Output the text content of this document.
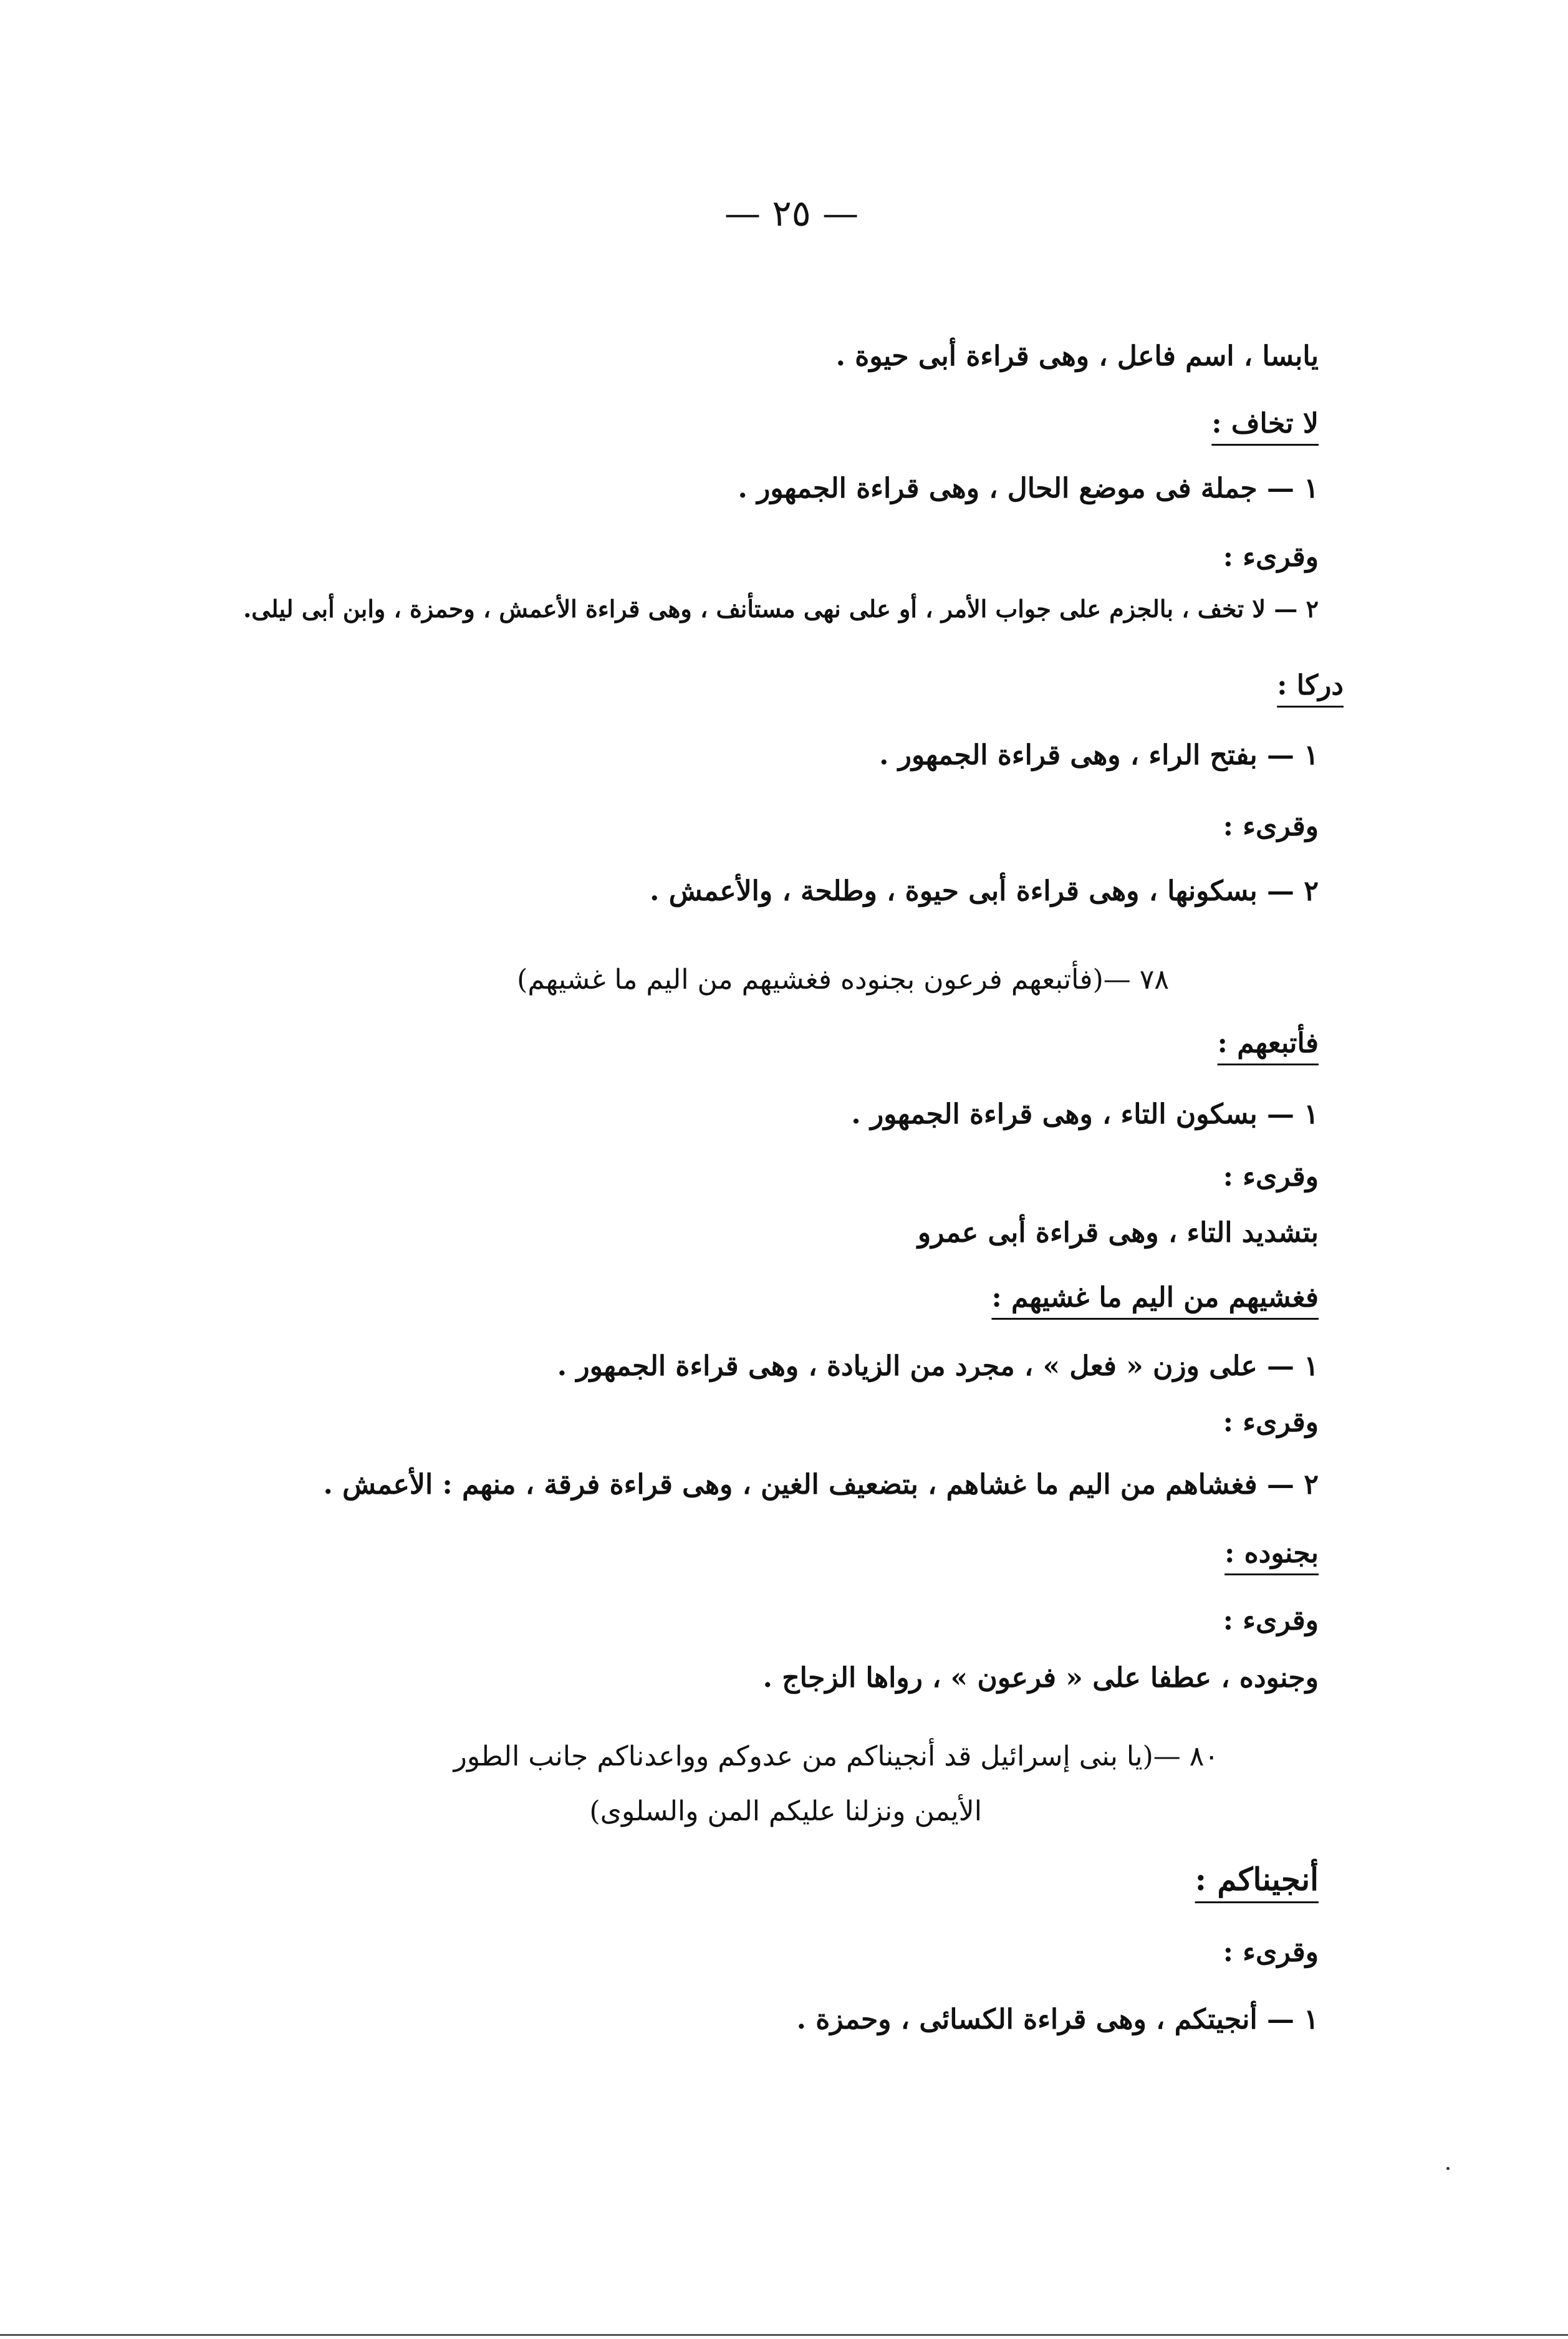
— ٢٥ —
يابسا ، اسم فاعل ، وهى قراءة أبى حيوة .
لا تخاف :
١ — جملة فى موضع الحال ، وهى قراءة الجمهور .
وقرىء :
٢ — لا تخف ، بالجزم على جواب الأمر ، أو على نهى مستأنف ، وهى قراءة الأعمش ، وحمزة ، وابن أبى ليلى.
دركا :
١ — بفتح الراء ، وهى قراءة الجمهور .
وقرىء :
٢ — بسكونها ، وهى قراءة أبى حيوة ، وطلحة ، والأعمش .
٧٨ —(فأتبعهم فرعون بجنوده فغشيهم من اليم ما غشيهم)
فأتبعهم :
١ — بسكون التاء ، وهى قراءة الجمهور .
وقرىء :
بتشديد التاء ، وهى قراءة أبى عمرو
فغشيهم من اليم ما غشيهم :
١ — على وزن « فعل » ، مجرد من الزيادة ، وهى قراءة الجمهور .
وقرىء :
٢ — فغشاهم من اليم ما غشاهم ، بتضعيف الغين ، وهى قراءة فرقة ، منهم : الأعمش .
بجنوده :
وقرىء :
وجنوده ، عطفا على « فرعون » ، رواها الزجاج .
٨٠ —(يا بنى إسرائيل قد أنجيناكم من عدوكم وواعدناكم جانب الطور
الأيمن ونزلنا عليكم المن والسلوى)
أنجيناكم :
وقرىء :
١ — أنجيتكم ، وهى قراءة الكسائى ، وحمزة .
